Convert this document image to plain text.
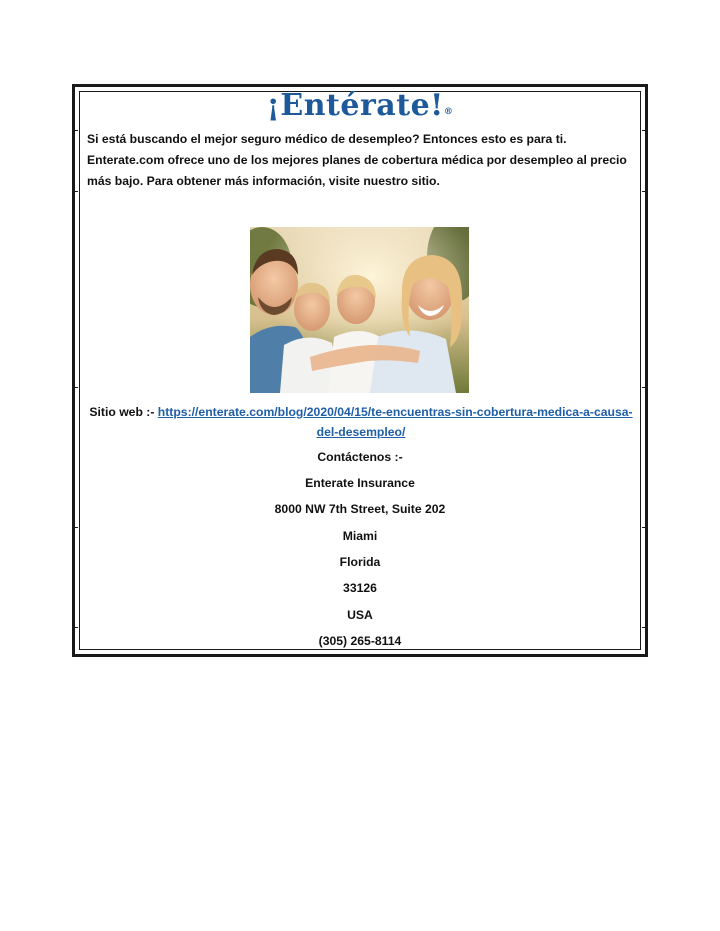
¡Entérate!®

Si está buscando el mejor seguro médico de desempleo? Entonces esto es para ti. Enterate.com ofrece uno de los mejores planes de cobertura médica por desempleo al precio más bajo. Para obtener más información, visite nuestro sitio.

Sitio web :- https://enterate.com/blog/2020/04/15/te-encuentras-sin-cobertura-medica-a-causa-del-desempleo/

Contáctenos :-
Enterate Insurance
8000 NW 7th Street, Suite 202
Miami
Florida
33126
USA
(305) 265-8114
